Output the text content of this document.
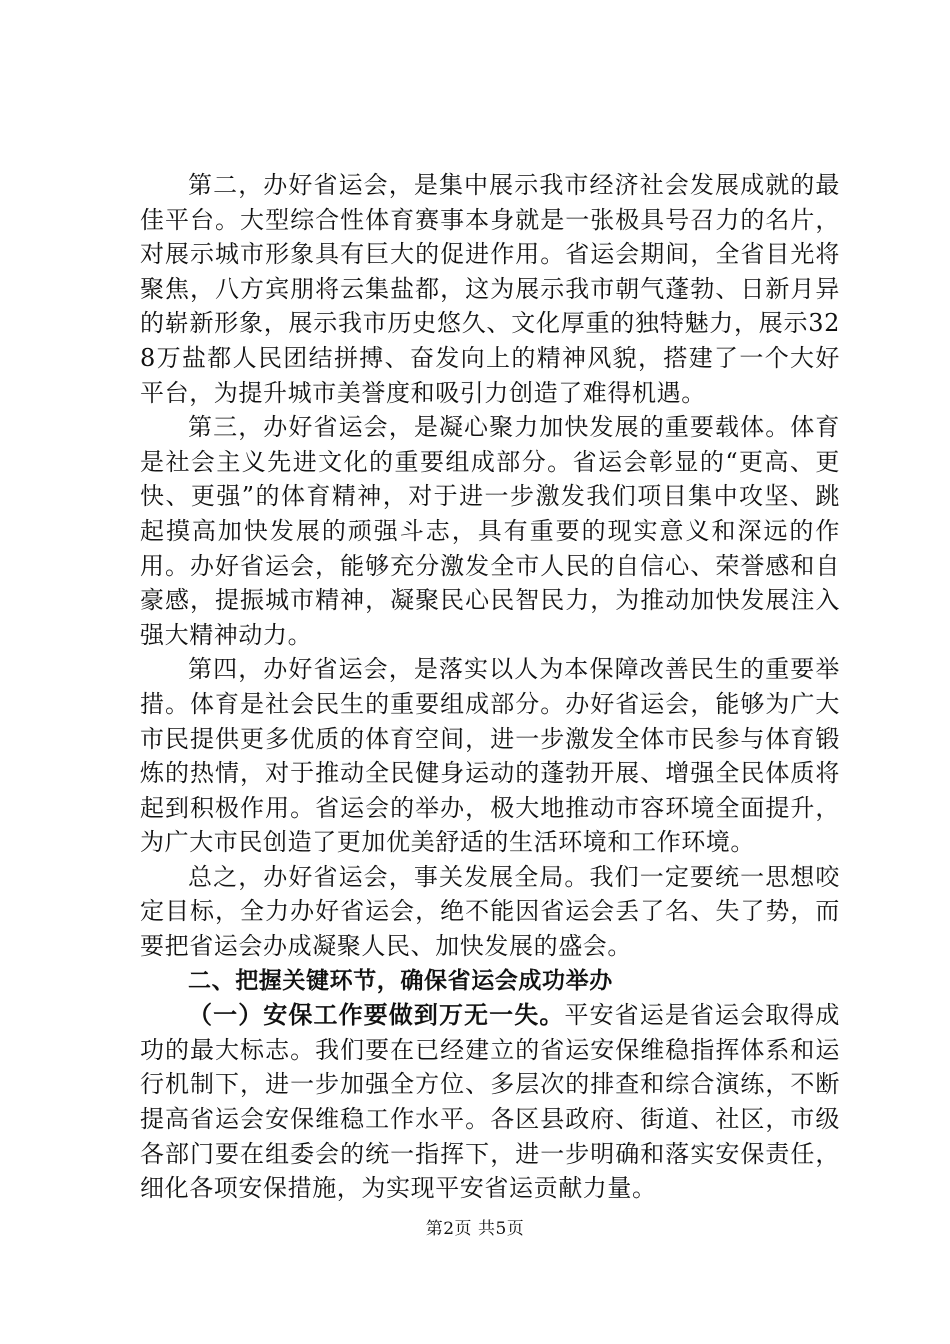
第二，办好省运会，是集中展示我市经济社会发展成就的最佳平台。大型综合性体育赛事本身就是一张极具号召力的名片，对展示城市形象具有巨大的促进作用。省运会期间，全省目光将聚焦，八方宾朋将云集盐都，这为展示我市朝气蓬勃、日新月异的崭新形象，展示我市历史悠久、文化厚重的独特魅力，展示328万盐都人民团结拼搏、奋发向上的精神风貌，搭建了一个大好平台，为提升城市美誉度和吸引力创造了难得机遇。

第三，办好省运会，是凝心聚力加快发展的重要载体。体育是社会主义先进文化的重要组成部分。省运会彰显的“更高、更快、更强”的体育精神，对于进一步激发我们项目集中攻坚、跳起摸高加快发展的顽强斗志，具有重要的现实意义和深远的作用。办好省运会，能够充分激发全市人民的自信心、荣誉感和自豪感，提振城市精神，凝聚民心民智民力，为推动加快发展注入强大精神动力。

第四，办好省运会，是落实以人为本保障改善民生的重要举措。体育是社会民生的重要组成部分。办好省运会，能够为广大市民提供更多优质的体育空间，进一步激发全体市民参与体育锻炼的热情，对于推动全民健身运动的蓬勃开展、增强全民体质将起到积极作用。省运会的举办，极大地推动市容环境全面提升，为广大市民创造了更加优美舒适的生活环境和工作环境。

总之，办好省运会，事关发展全局。我们一定要统一思想咬定目标，全力办好省运会，绝不能因省运会丢了名、失了势，而要把省运会办成凝聚人民、加快发展的盛会。

二、把握关键环节，确保省运会成功举办

（一）安保工作要做到万无一失。平安省运是省运会取得成功的最大标志。我们要在已经建立的省运安保维稳指挥体系和运行机制下，进一步加强全方位、多层次的排查和综合演练，不断提高省运会安保维稳工作水平。各区县政府、街道、社区，市级各部门要在组委会的统一指挥下，进一步明确和落实安保责任，细化各项安保措施，为实现平安省运贡献力量。

第2页 共5页
